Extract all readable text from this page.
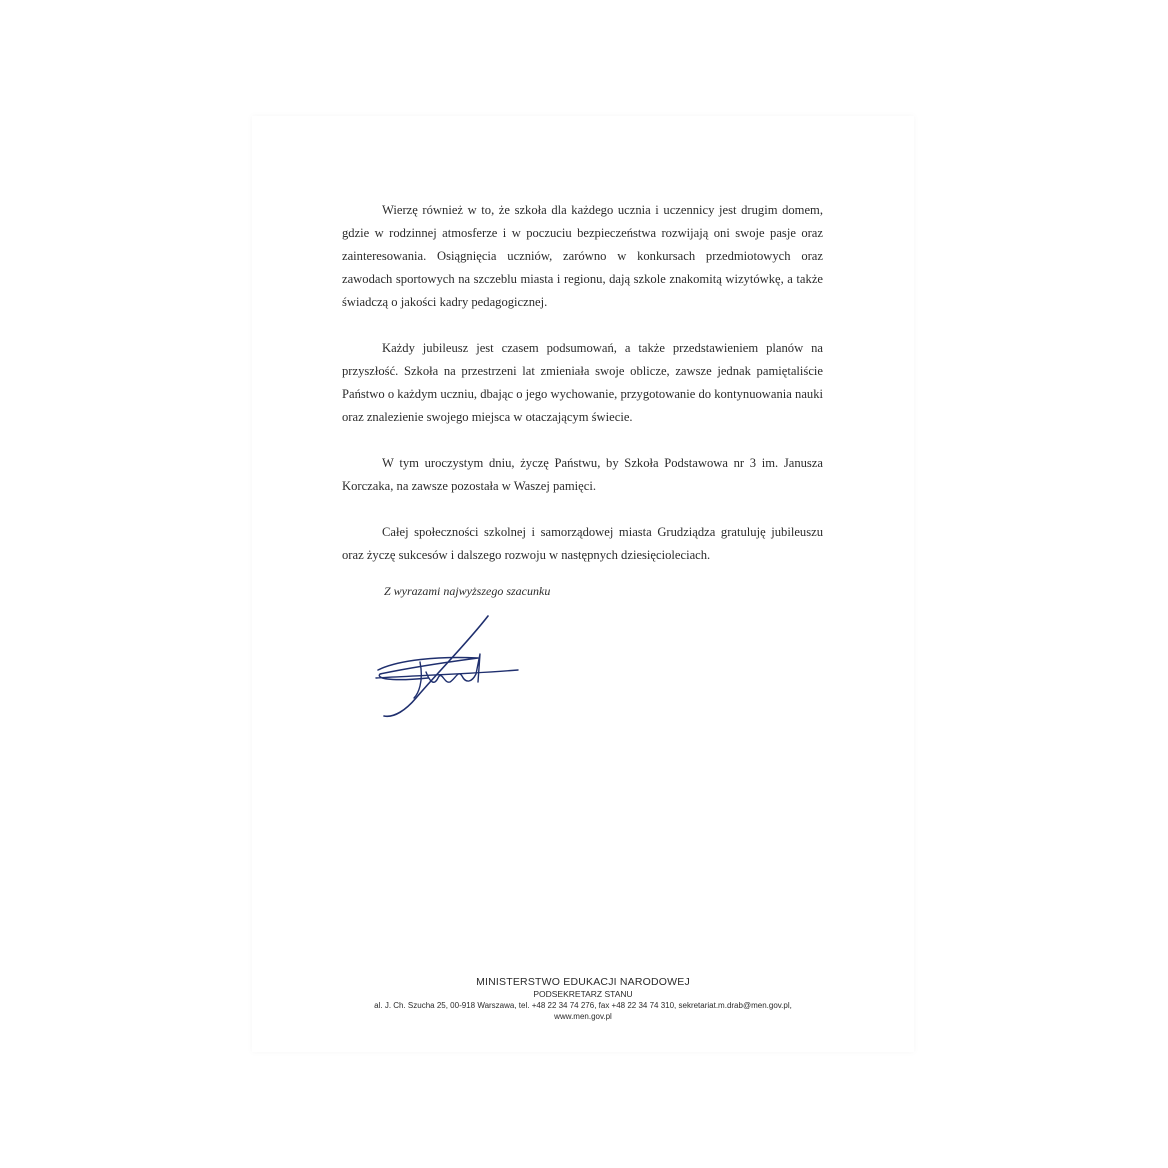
Wierzę również w to, że szkoła dla każdego ucznia i uczennicy jest drugim domem, gdzie w rodzinnej atmosferze i w poczuciu bezpieczeństwa rozwijają oni swoje pasje oraz zainteresowania. Osiągnięcia uczniów, zarówno w konkursach przedmiotowych oraz zawodach sportowych na szczeblu miasta i regionu, dają szkole znakomitą wizytówkę, a także świadczą o jakości kadry pedagogicznej.

Każdy jubileusz jest czasem podsumowań, a także przedstawieniem planów na przyszłość. Szkoła na przestrzeni lat zmieniała swoje oblicze, zawsze jednak pamiętaliście Państwo o każdym uczniu, dbając o jego wychowanie, przygotowanie do kontynuowania nauki oraz znalezienie swojego miejsca w otaczającym świecie.

W tym uroczystym dniu, życzę Państwu, by Szkoła Podstawowa nr 3 im. Janusza Korczaka, na zawsze pozostała w Waszej pamięci.

Całej społeczności szkolnej i samorządowej miasta Grudziądza gratuluję jubileuszu oraz życzę sukcesów i dalszego rozwoju w następnych dziesięcioleciach.

Z wyrazami najwyższego szacunku
MINISTERSTWO EDUKACJI NARODOWEJ
PODSEKRETARZ STANU
al. J. Ch. Szucha 25, 00-918 Warszawa, tel. +48 22 34 74 276, fax +48 22 34 74 310, sekretariat.m.drab@men.gov.pl,
www.men.gov.pl
